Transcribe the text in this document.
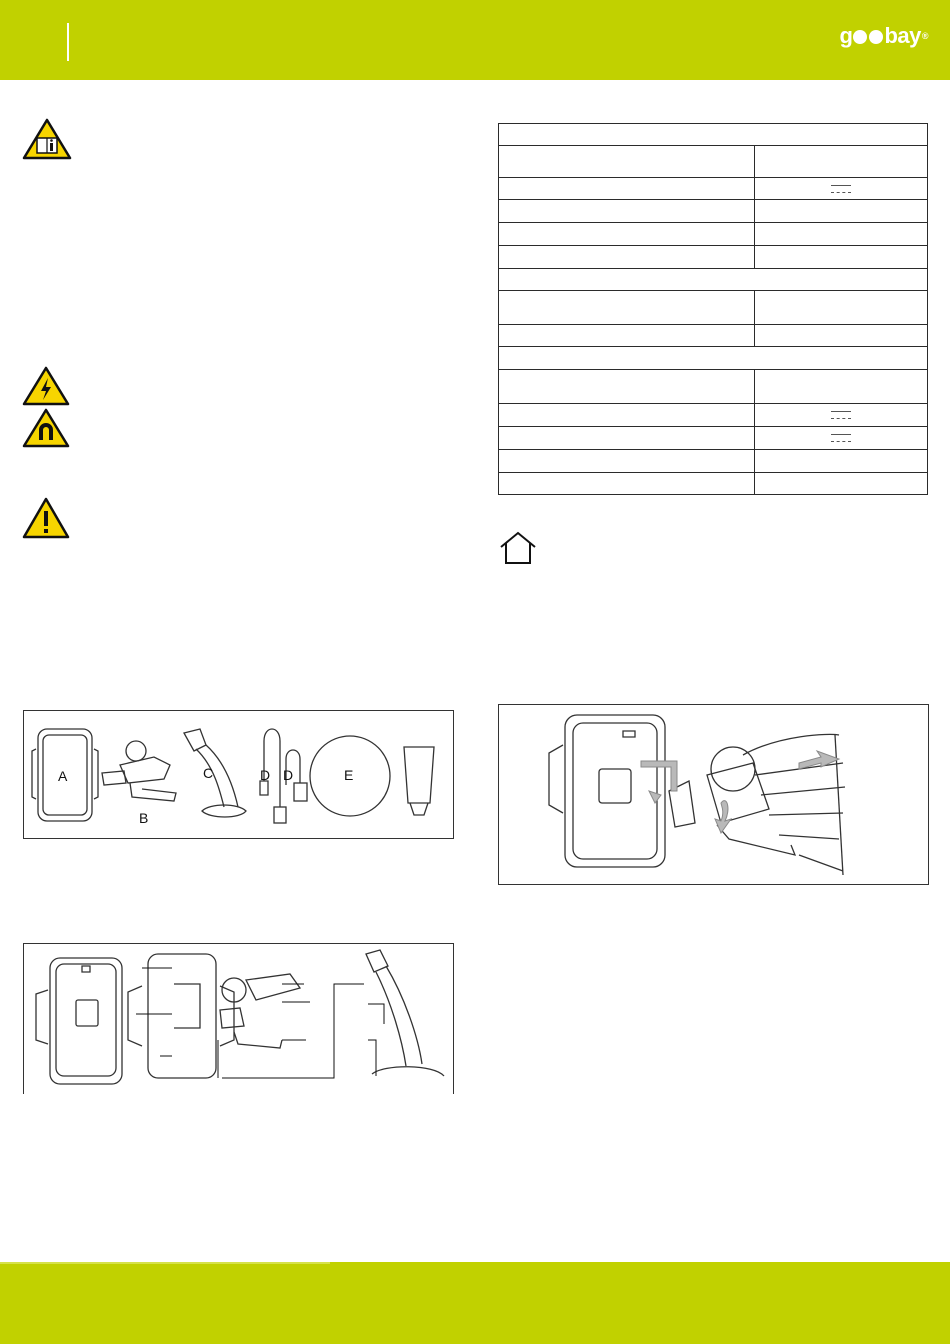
g bay ®

A
B
C	D D	E
